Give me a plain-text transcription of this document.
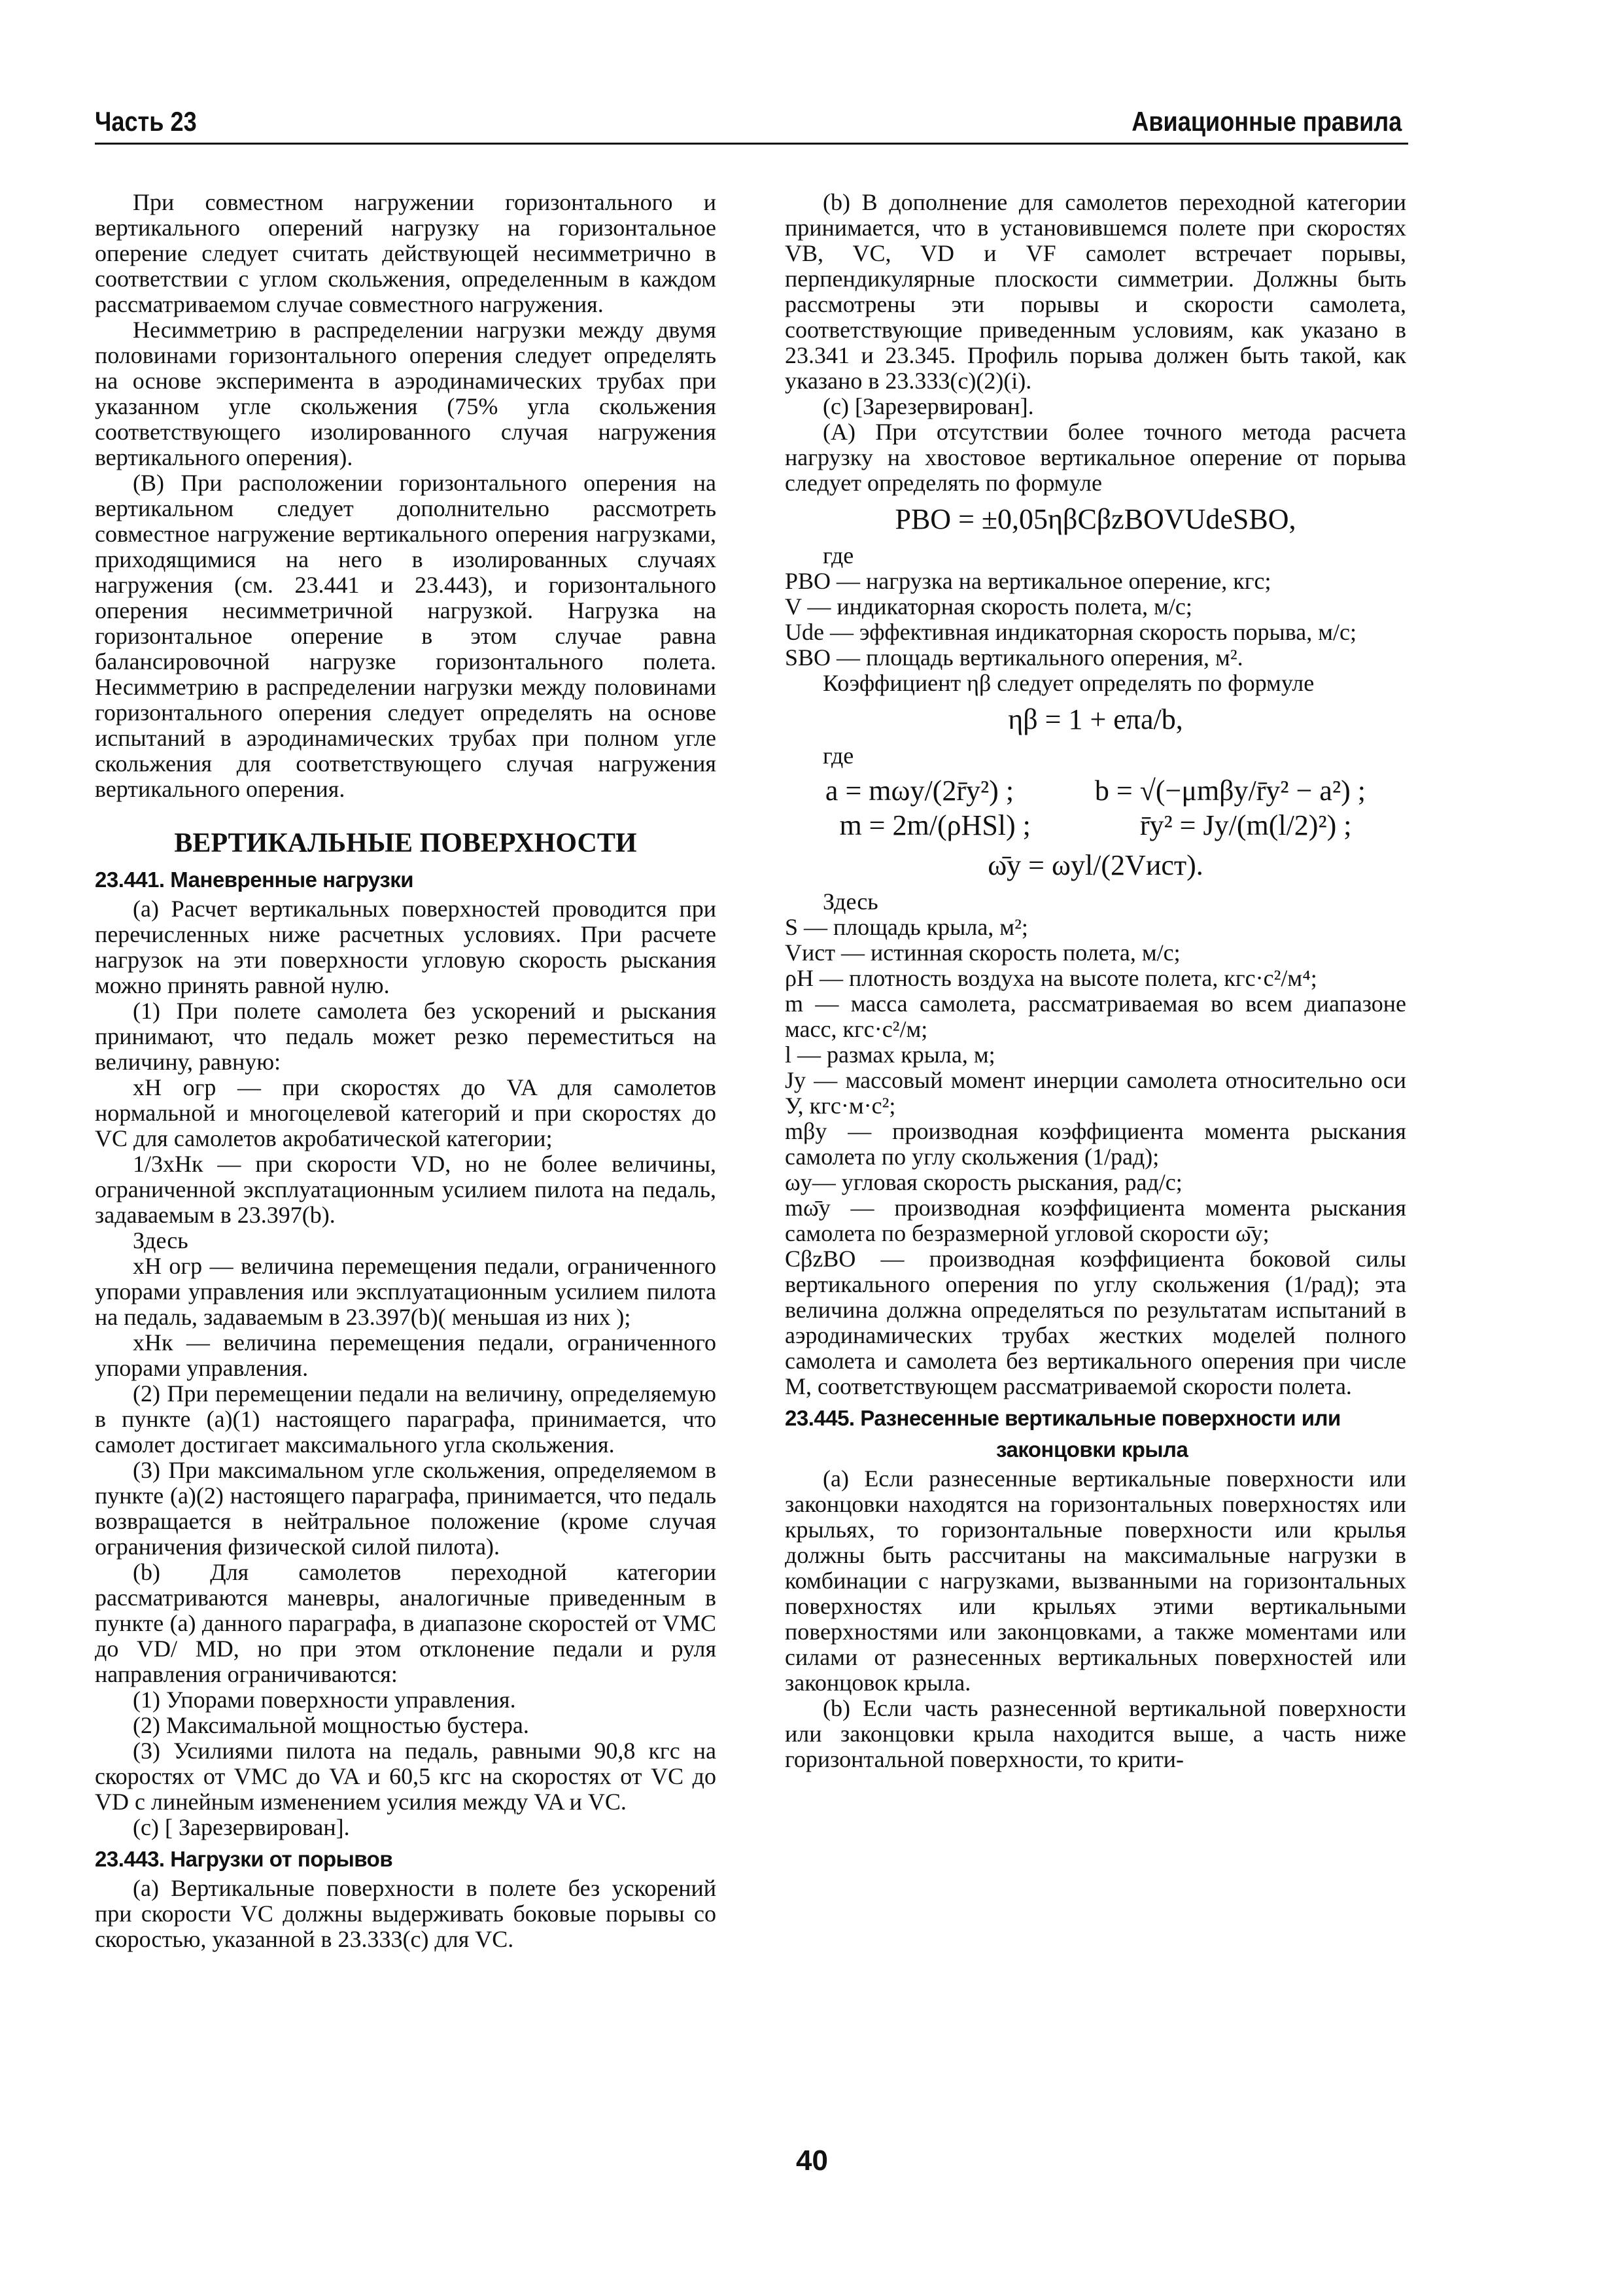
Часть 23	Авиационные правила

При совместном нагружении горизонтального и вертикального оперений нагрузку на горизонтальное оперение следует считать действующей несимметрично в соответствии с углом скольжения, определенным в каждом рассматриваемом случае совместного нагружения.

Несимметрию в распределении нагрузки между двумя половинами горизонтального оперения следует определять на основе эксперимента в аэродинамических трубах при указанном угле скольжения (75% угла скольжения соответствующего изолированного случая нагружения вертикального оперения).

(В) При расположении горизонтального оперения на вертикальном следует дополнительно рассмотреть совместное нагружение вертикального оперения нагрузками, приходящимися на него в изолированных случаях нагружения (см. 23.441 и 23.443), и горизонтального оперения несимметричной нагрузкой. Нагрузка на горизонтальное оперение в этом случае равна балансировочной нагрузке горизонтального полета. Несимметрию в распределении нагрузки между половинами горизонтального оперения следует определять на основе испытаний в аэродинамических трубах при полном угле скольжения для соответствующего случая нагружения вертикального оперения.

ВЕРТИКАЛЬНЫЕ ПОВЕРХНОСТИ
23.441. Маневренные нагрузки

(a) Расчет вертикальных поверхностей проводится при перечисленных ниже расчетных условиях. При расчете нагрузок на эти поверхности угловую скорость рыскания можно принять равной нулю.

(1) При полете самолета без ускорений и рыскания принимают, что педаль может резко переместиться на величину, равную:

xН огр — при скоростях до VA для самолетов нормальной и многоцелевой категорий и при скоростях до VC для самолетов акробатической категории;

1/3xНк — при скорости VD, но не более величины, ограниченной эксплуатационным усилием пилота на педаль, задаваемым в 23.397(b).

Здесь

xН огр — величина перемещения педали, ограниченного упорами управления или эксплуатационным усилием пилота на педаль, задаваемым в 23.397(b)( меньшая из них );

xНк — величина перемещения педали, ограниченного упорами управления.

(2) При перемещении педали на величину, определяемую в пункте (a)(1) настоящего параграфа, принимается, что самолет достигает максимального угла скольжения.

(3) При максимальном угле скольжения, определяемом в пункте (a)(2) настоящего параграфа, принимается, что педаль возвращается в нейтральное положение (кроме случая ограничения физической силой пилота).

(b) Для самолетов переходной категории рассматриваются маневры, аналогичные приведенным в пункте (a) данного параграфа, в диапазоне скоростей от VMC до VD/ MD, но при этом отклонение педали и руля направления ограничиваются:

(1) Упорами поверхности управления.

(2) Максимальной мощностью бустера.

(3) Усилиями пилота на педаль, равными 90,8 кгс на скоростях от VMC до VA и 60,5 кгс на скоростях от VC до VD с линейным изменением усилия между VA и VC.

(c) [ Зарезервирован].

23.443. Нагрузки от порывов

(a) Вертикальные поверхности в полете без ускорений при скорости VC должны выдерживать боковые порывы со скоростью, указанной в 23.333(c) для VC.

(b) В дополнение для самолетов переходной категории принимается, что в установившемся полете при скоростях VB, VC, VD и VF самолет встречает порывы, перпендикулярные плоскости симметрии. Должны быть рассмотрены эти порывы и скорости самолета, соответствующие приведенным условиям, как указано в 23.341 и 23.345. Профиль порыва должен быть такой, как указано в 23.333(c)(2)(i).

(c) [Зарезервирован].

(A) При отсутствии более точного метода расчета нагрузку на хвостовое вертикальное оперение от порыва следует определять по формуле

PВО = ±0,05ηβCβzВОVUdeSВО,

где

PВО — нагрузка на вертикальное оперение, кгс;

V — индикаторная скорость полета, м/с;

Ude — эффективная индикаторная скорость порыва, м/с;

SВО — площадь вертикального оперения, м².

Коэффициент ηβ следует определять по формуле

ηβ = 1 + eπa/b,

где

a = mωy/(2r̄y²) ;	b = √(−μmβy/r̄y² − a²) ;
m = 2m/(ρНSl) ;	r̄y² = Jy/(m(l/2)²) ;
ω̄y = ωyl/(2Vист).

Здесь

S — площадь крыла, м²;

Vист — истинная скорость полета, м/с;

ρН — плотность воздуха на высоте полета, кгс·с²/м⁴;

m — масса самолета, рассматриваемая во всем диапазоне масс, кгс·с²/м;

l — размах крыла, м;

Jy — массовый момент инерции самолета относительно оси У, кгс·м·с²;

mβy — производная коэффициента момента рыскания самолета по углу скольжения (1/рад);

ωy— угловая скорость рыскания, рад/с;

mω̄y — производная коэффициента момента рыскания самолета по безразмерной угловой скорости ω̄y;

CβzВО — производная коэффициента боковой силы вертикального оперения по углу скольжения (1/рад); эта величина должна определяться по результатам испытаний в аэродинамических трубах жестких моделей полного самолета и самолета без вертикального оперения при числе М, соответствующем рассматриваемой скорости полета.

23.445. Разнесенные вертикальные поверхности или
законцовки крыла

(a) Если разнесенные вертикальные поверхности или законцовки находятся на горизонтальных поверхностях или крыльях, то горизонтальные поверхности или крылья должны быть рассчитаны на максимальные нагрузки в комбинации с нагрузками, вызванными на горизонтальных поверхностях или крыльях этими вертикальными поверхностями или законцовками, а также моментами или силами от разнесенных вертикальных поверхностей или законцовок крыла.

(b) Если часть разнесенной вертикальной поверхности или законцовки крыла находится выше, а часть ниже горизонтальной поверхности, то крити-

40
